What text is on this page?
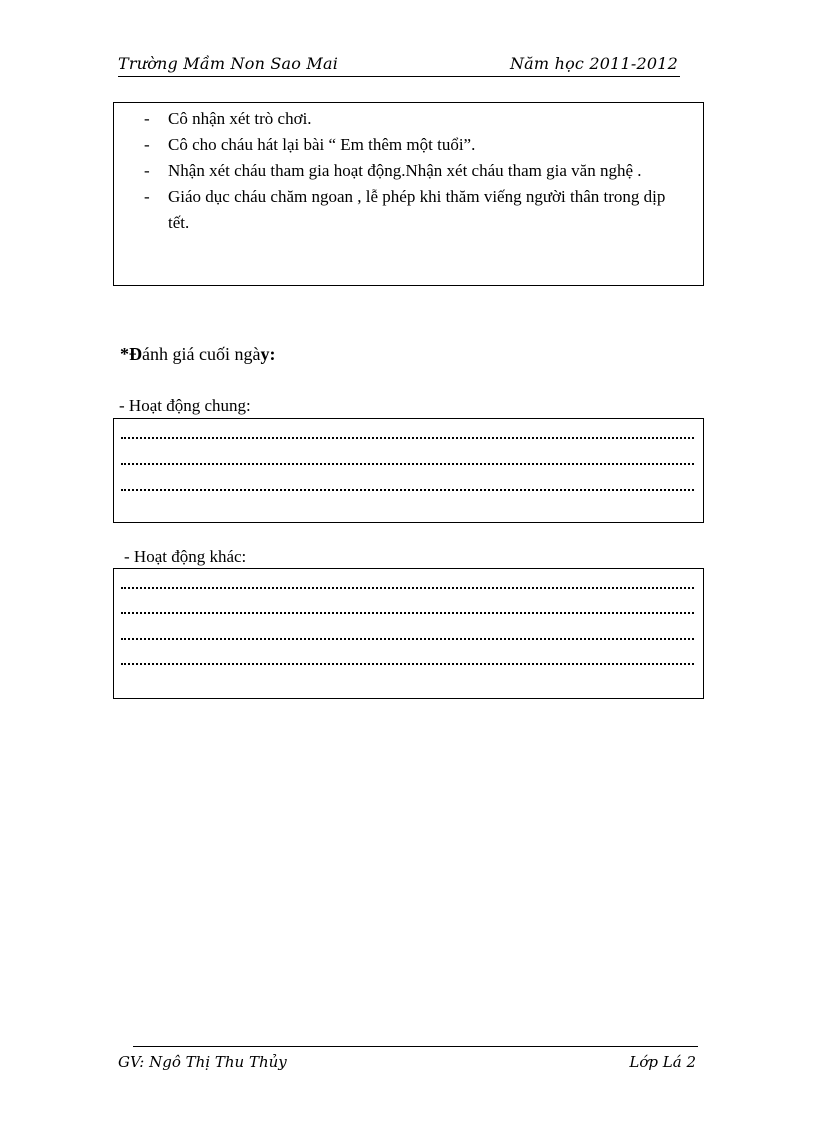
Trường Mầm Non Sao Mai	Năm học 2011-2012
- Cô nhận xét trò chơi.
- Cô cho cháu hát lại bài “ Em thêm một tuổi”.
- Nhận xét cháu tham gia hoạt động.Nhận xét cháu tham gia văn nghệ .
- Giáo dục cháu chăm ngoan , lễ phép khi thăm viếng người thân trong dịp tết.
*Đánh giá cuối ngày:
- Hoạt động chung:
- Hoạt động khác:
GV: Ngô Thị Thu Thủy	Lớp Lá 2
